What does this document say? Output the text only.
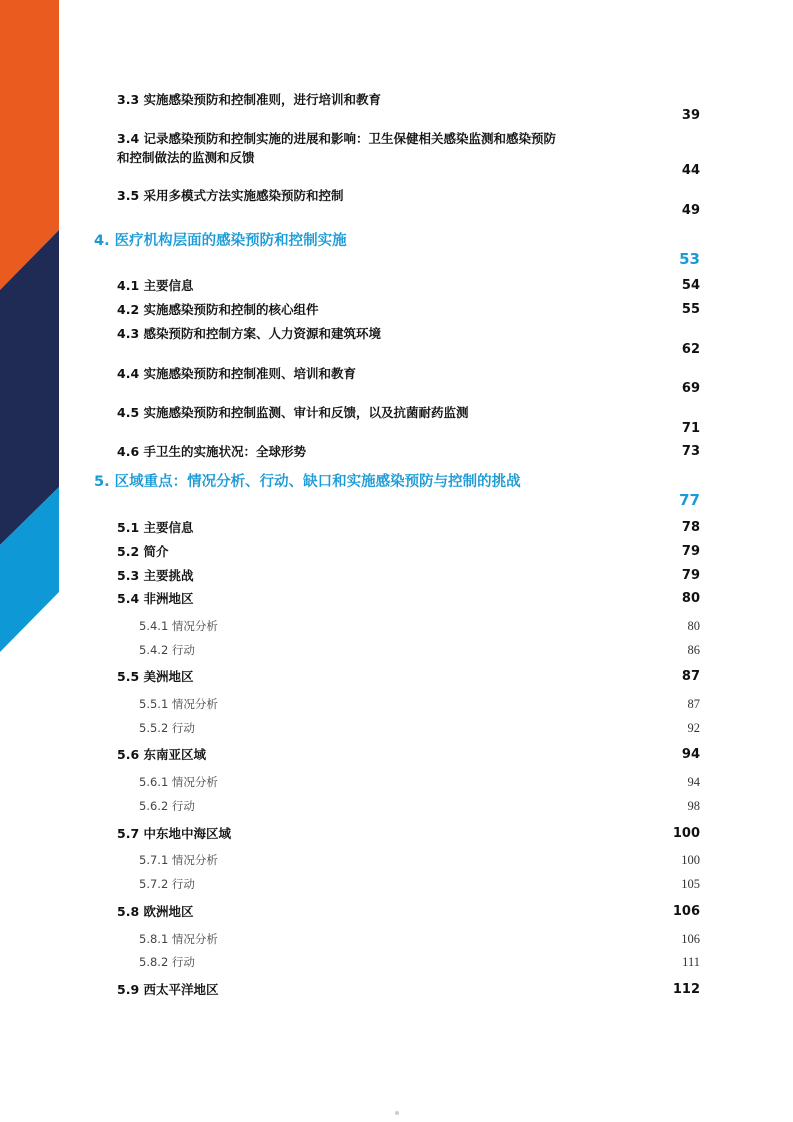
3.3 实施感染预防和控制准则，进行培训和教育
39
3.4 记录感染预防和控制实施的进展和影响：卫生保健相关感染监测和感染预防
和控制做法的监测和反馈
44
3.5 采用多模式方法实施感染预防和控制
49
4. 医疗机构层面的感染预防和控制实施
53
4.1 主要信息	54
4.2 实施感染预防和控制的核心组件	55
4.3 感染预防和控制方案、人力资源和建筑环境
62
4.4 实施感染预防和控制准则、培训和教育
69
4.5 实施感染预防和控制监测、审计和反馈，以及抗菌耐药监测
71
4.6 手卫生的实施状况：全球形势	73
5. 区域重点：情况分析、行动、缺口和实施感染预防与控制的挑战
77
5.1 主要信息	78
5.2 简介	79
5.3 主要挑战	79
5.4 非洲地区	80
5.4.1 情况分析	80
5.4.2 行动	86
5.5 美洲地区	87
5.5.1 情况分析	87
5.5.2 行动	92
5.6 东南亚区域	94
5.6.1 情况分析	94
5.6.2 行动	98
5.7 中东地中海区域	100
5.7.1 情况分析	100
5.7.2 行动	105
5.8 欧洲地区	106
5.8.1 情况分析	106
5.8.2 行动	111
5.9 西太平洋地区	112
